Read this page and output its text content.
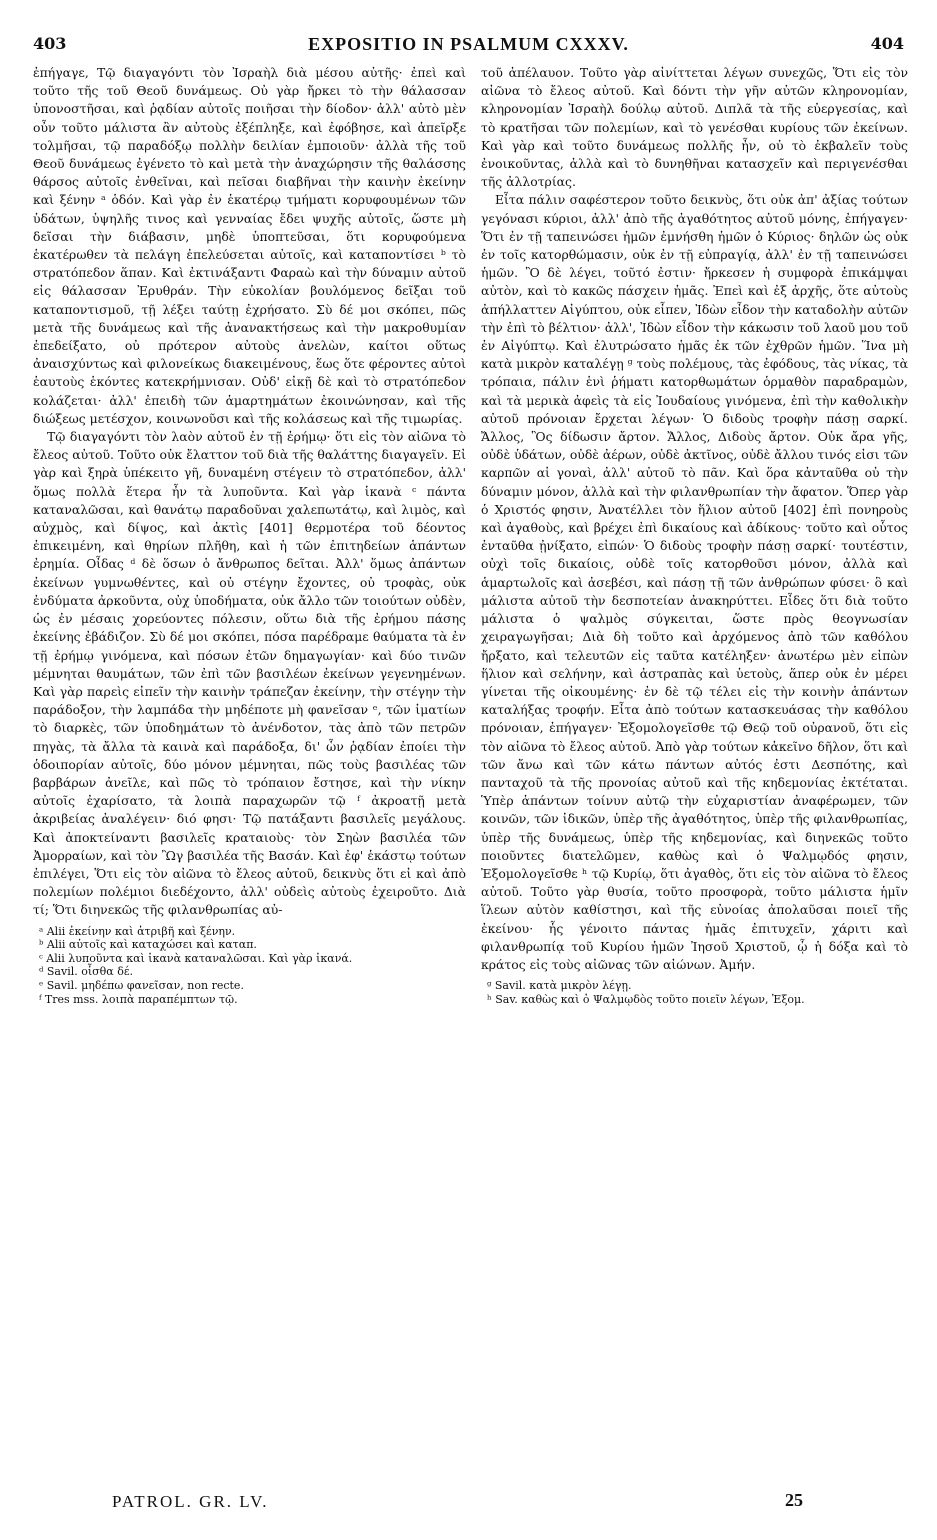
403	EXPOSITIO IN PSALMUM CXXXV.	404

ἐπήγαγε, Τῷ διαγαγόντι τὸν Ἰσραὴλ διὰ μέσου αὐτῆς· ἐπεὶ καὶ τοῦτο τῆς τοῦ Θεοῦ δυνάμεως. Οὐ γὰρ ἤρκει τὸ τὴν θάλασσαν ὑπονοστῆσαι, καὶ ῥᾳδίαν αὐτοῖς ποιῆσαι τὴν δίοδον· ἀλλ' αὐτὸ μὲν οὖν τοῦτο μάλιστα ἂν αὐτοὺς ἐξέπληξε, καὶ ἐφόβησε, καὶ ἀπεῖρξε τολμῆσαι, τῷ παραδόξῳ πολλὴν δειλίαν ἐμποιοῦν· ἀλλὰ τῆς τοῦ Θεοῦ δυνάμεως ἐγένετο τὸ καὶ μετὰ τὴν ἀναχώρησιν τῆς θαλάσσης θάρσος αὐτοῖς ἐνθεῖναι, καὶ πεῖσαι διαβῆναι τὴν καινὴν ἐκείνην καὶ ξένην ᵃ ὁδόν. Καὶ γὰρ ἐν ἑκατέρῳ τμήματι κορυφουμένων τῶν ὑδάτων, ὑψηλῆς τινος καὶ γενναίας ἔδει ψυχῆς αὐτοῖς, ὥστε μὴ δεῖσαι τὴν διάβασιν, μηδὲ ὑποπτεῦσαι, ὅτι κορυφούμενα ἑκατέρωθεν τὰ πελάγη ἐπελεύσεται αὐτοῖς, καὶ καταποντίσει ᵇ τὸ στρατόπεδον ἅπαν. Καὶ ἐκτινάξαντι Φαραὼ καὶ τὴν δύναμιν αὐτοῦ εἰς θάλασσαν Ἐρυθράν. Τὴν εὐκολίαν βουλόμενος δεῖξαι τοῦ καταποντισμοῦ, τῇ λέξει ταύτῃ ἐχρήσατο. Σὺ δέ μοι σκόπει, πῶς μετὰ τῆς δυνάμεως καὶ τῆς ἀνανακτήσεως καὶ τὴν μακροθυμίαν ἐπεδείξατο, οὐ πρότερον αὐτοὺς ἀνελὼν, καίτοι οὕτως ἀναισχύντως καὶ φιλονείκως διακειμένους, ἕως ὅτε φέροντες αὐτοὶ ἑαυτοὺς ἑκόντες κατεκρήμνισαν. Οὐδ' εἰκῇ δὲ καὶ τὸ στρατόπεδον κολάζεται· ἀλλ' ἐπειδὴ τῶν ἁμαρτημάτων ἐκοινώνησαν, καὶ τῆς διώξεως μετέσχον, κοινωνοῦσι καὶ τῆς κολάσεως καὶ τῆς τιμωρίας.

Τῷ διαγαγόντι τὸν λαὸν αὐτοῦ ἐν τῇ ἐρήμῳ· ὅτι εἰς τὸν αἰῶνα τὸ ἔλεος αὐτοῦ. Τοῦτο οὐκ ἔλαττον τοῦ διὰ τῆς θαλάττης διαγαγεῖν. Εἰ γὰρ καὶ ξηρὰ ὑπέκειτο γῆ, δυναμένη στέγειν τὸ στρατόπεδον, ἀλλ' ὅμως πολλὰ ἕτερα ἦν τὰ λυποῦντα. Καὶ γὰρ ἱκανὰ ᶜ πάντα καταναλῶσαι, καὶ θανάτῳ παραδοῦναι χαλεπωτάτῳ, καὶ λιμὸς, καὶ αὐχμὸς, καὶ δίψος, καὶ ἀκτὶς [401] θερμοτέρα τοῦ δέοντος ἐπικειμένη, καὶ θηρίων πλῆθη, καὶ ἡ τῶν ἐπιτηδείων ἁπάντων ἐρημία. Οἶδας ᵈ δὲ ὅσων ὁ ἄνθρωπος δεῖται. Ἀλλ' ὅμως ἀπάντων ἐκείνων γυμνωθέντες, καὶ οὐ στέγην ἔχοντες, οὐ τροφὰς, οὐκ ἐνδύματα ἀρκοῦντα, οὐχ ὑποδήματα, οὐκ ἄλλο τῶν τοιούτων οὐδὲν, ὡς ἐν μέσαις χορεύοντες πόλεσιν, οὕτω διὰ τῆς ἐρήμου πάσης ἐκείνης ἐβάδιζον. Σὺ δέ μοι σκόπει, πόσα παρέδραμε θαύματα τὰ ἐν τῇ ἐρήμῳ γινόμενα, καὶ πόσων ἐτῶν δημαγωγίαν· καὶ δύο τινῶν μέμνηται θαυμάτων, τῶν ἐπὶ τῶν βασιλέων ἐκείνων γεγενημένων. Καὶ γὰρ παρεὶς εἰπεῖν τὴν καινὴν τράπεζαν ἐκείνην, τὴν στέγην τὴν παράδοξον, τὴν λαμπάδα τὴν μηδέποτε μὴ φανεῖσαν ᵉ, τῶν ἱματίων τὸ διαρκὲς, τῶν ὑποδημάτων τὸ ἀνένδοτον, τὰς ἀπὸ τῶν πετρῶν πηγὰς, τὰ ἄλλα τὰ καινὰ καὶ παράδοξα, δι' ὧν ῥᾳδίαν ἐποίει τὴν ὁδοιπορίαν αὐτοῖς, δύο μόνον μέμνηται, πῶς τοὺς βασιλέας τῶν βαρβάρων ἀνεῖλε, καὶ πῶς τὸ τρόπαιον ἔστησε, καὶ τὴν νίκην αὐτοῖς ἐχαρίσατο, τὰ λοιπὰ παραχωρῶν τῷ ᶠ ἀκροατῇ μετὰ ἀκριβείας ἀναλέγειν· διό φησι· Τῷ πατάξαντι βασιλεῖς μεγάλους. Καὶ ἀποκτείναντι βασιλεῖς κραταιοὺς· τὸν Σηὼν βασιλέα τῶν Ἀμορραίων, καὶ τὸν Ὢγ βασιλέα τῆς Βασάν. Καὶ ἐφ' ἑκάστῳ τούτων ἐπιλέγει, Ὅτι εἰς τὸν αἰῶνα τὸ ἔλεος αὐτοῦ, δεικνὺς ὅτι εἰ καὶ ἀπὸ πολεμίων πολέμιοι διεδέχοντο, ἀλλ' οὐδεὶς αὐτοὺς ἐχειροῦτο. Διὰ τί; Ὅτι διηνεκῶς τῆς φιλανθρωπίας αὐ-

ᵃ Alii ἐκείνην καὶ ἀτριβῆ καὶ ξένην.
ᵇ Alii αὐτοῖς καὶ καταχώσει καὶ καταπ.
ᶜ Alii λυποῦντα καὶ ἱκανὰ καταναλῶσαι. Καὶ γὰρ ἱκανά.
ᵈ Savil. οἶσθα δέ.
ᵉ Savil. μηδέπω φανεῖσαν, non recte.
ᶠ Tres mss. λοιπὰ παραπέμπτων τῷ.

τοῦ ἀπέλαυον. Τοῦτο γὰρ αἰνίττεται λέγων συνεχῶς, Ὅτι εἰς τὸν αἰῶνα τὸ ἔλεος αὐτοῦ. Καὶ δόντι τὴν γῆν αὐτῶν κληρονομίαν, κληρονομίαν Ἰσραὴλ δούλῳ αὐτοῦ. Διπλᾶ τὰ τῆς εὐεργεσίας, καὶ τὸ κρατῆσαι τῶν πολεμίων, καὶ τὸ γενέσθαι κυρίους τῶν ἐκείνων. Καὶ γὰρ καὶ τοῦτο δυνάμεως πολλῆς ἦν, οὐ τὸ ἐκβαλεῖν τοὺς ἐνοικοῦντας, ἀλλὰ καὶ τὸ δυνηθῆναι κατασχεῖν καὶ περιγενέσθαι τῆς ἀλλοτρίας.

Εἶτα πάλιν σαφέστερον τοῦτο δεικνὺς, ὅτι οὐκ ἀπ' ἀξίας τούτων γεγόνασι κύριοι, ἀλλ' ἀπὸ τῆς ἀγαθότητος αὐτοῦ μόνης, ἐπήγαγεν· Ὅτι ἐν τῇ ταπεινώσει ἡμῶν ἐμνήσθη ἡμῶν ὁ Κύριος· δηλῶν ὡς οὐκ ἐν τοῖς κατορθώμασιν, οὐκ ἐν τῇ εὐπραγίᾳ, ἀλλ' ἐν τῇ ταπεινώσει ἡμῶν. Ὃ δὲ λέγει, τοῦτό ἐστιν· ἤρκεσεν ἡ συμφορὰ ἐπικάμψαι αὐτὸν, καὶ τὸ κακῶς πάσχειν ἡμᾶς. Ἐπεὶ καὶ ἐξ ἀρχῆς, ὅτε αὐτοὺς ἀπήλλαττεν Αἰγύπτου, οὐκ εἶπεν, Ἰδὼν εἶδον τὴν καταδολὴν αὐτῶν τὴν ἐπὶ τὸ βέλτιον· ἀλλ', Ἰδὼν εἶδον τὴν κάκωσιν τοῦ λαοῦ μου τοῦ ἐν Αἰγύπτῳ. Καὶ ἐλυτρώσατο ἡμᾶς ἐκ τῶν ἐχθρῶν ἡμῶν. Ἵνα μὴ κατὰ μικρὸν καταλέγῃ ᵍ τοὺς πολέμους, τὰς ἐφόδους, τὰς νίκας, τὰ τρόπαια, πάλιν ἑνὶ ῥήματι κατορθωμάτων ὁρμαθὸν παραδραμὼν, καὶ τὰ μερικὰ ἀφεὶς τὰ εἰς Ἰουδαίους γινόμενα, ἐπὶ τὴν καθολικὴν αὐτοῦ πρόνοιαν ἔρχεται λέγων· Ὁ διδοὺς τροφὴν πάσῃ σαρκί. Ἄλλος, Ὃς δίδωσιν ἄρτον. Ἄλλος, Διδοὺς ἄρτον. Οὐκ ἄρα γῆς, οὐδὲ ὑδάτων, οὐδὲ ἀέρων, οὐδὲ ἀκτῖνος, οὐδὲ ἄλλου τινός εἰσι τῶν καρπῶν αἱ γοναὶ, ἀλλ' αὐτοῦ τὸ πᾶν. Καὶ ὅρα κἀνταῦθα οὐ τὴν δύναμιν μόνον, ἀλλὰ καὶ τὴν φιλανθρωπίαν τὴν ἄφατον. Ὅπερ γὰρ ὁ Χριστός φησιν, Ἀνατέλλει τὸν ἥλιον αὐτοῦ [402] ἐπὶ πονηροὺς καὶ ἀγαθοὺς, καὶ βρέχει ἐπὶ δικαίους καὶ ἀδίκους· τοῦτο καὶ οὗτος ἐνταῦθα ᾐνίξατο, εἰπών· Ὁ διδοὺς τροφὴν πάσῃ σαρκί· τουτέστιν, οὐχὶ τοῖς δικαίοις, οὐδὲ τοῖς κατορθοῦσι μόνον, ἀλλὰ καὶ ἁμαρτωλοῖς καὶ ἀσεβέσι, καὶ πάσῃ τῇ τῶν ἀνθρώπων φύσει· ὃ καὶ μάλιστα αὐτοῦ τὴν δεσποτείαν ἀνακηρύττει. Εἶδες ὅτι διὰ τοῦτο μάλιστα ὁ ψαλμὸς σύγκειται, ὥστε πρὸς θεογνωσίαν χειραγωγῆσαι; Διὰ δὴ τοῦτο καὶ ἀρχόμενος ἀπὸ τῶν καθόλου ἤρξατο, καὶ τελευτῶν εἰς ταῦτα κατέληξεν· ἀνωτέρω μὲν εἰπὼν ἥλιον καὶ σελήνην, καὶ ἀστραπὰς καὶ ὑετοὺς, ἅπερ οὐκ ἐν μέρει γίνεται τῆς οἰκουμένης· ἐν δὲ τῷ τέλει εἰς τὴν κοινὴν ἁπάντων καταλήξας τροφήν. Εἶτα ἀπὸ τούτων κατασκευάσας τὴν καθόλου πρόνοιαν, ἐπήγαγεν· Ἐξομολογεῖσθε τῷ Θεῷ τοῦ οὐρανοῦ, ὅτι εἰς τὸν αἰῶνα τὸ ἔλεος αὐτοῦ. Ἀπὸ γὰρ τούτων κἀκεῖνο δῆλον, ὅτι καὶ τῶν ἄνω καὶ τῶν κάτω πάντων αὐτός ἐστι Δεσπότης, καὶ πανταχοῦ τὰ τῆς προνοίας αὐτοῦ καὶ τῆς κηδεμονίας ἐκτέταται. Ὑπὲρ ἁπάντων τοίνυν αὐτῷ τὴν εὐχαριστίαν ἀναφέρωμεν, τῶν κοινῶν, τῶν ἰδικῶν, ὑπὲρ τῆς ἀγαθότητος, ὑπὲρ τῆς φιλανθρωπίας, ὑπὲρ τῆς δυνάμεως, ὑπὲρ τῆς κηδεμονίας, καὶ διηνεκῶς τοῦτο ποιοῦντες διατελῶμεν, καθὼς καὶ ὁ Ψαλμῳδός φησιν, Ἐξομολογεῖσθε ʰ τῷ Κυρίῳ, ὅτι ἀγαθὸς, ὅτι εἰς τὸν αἰῶνα τὸ ἔλεος αὐτοῦ. Τοῦτο γὰρ θυσία, τοῦτο προσφορὰ, τοῦτο μάλιστα ἡμῖν ἵλεων αὐτὸν καθίστησι, καὶ τῆς εὐνοίας ἀπολαῦσαι ποιεῖ τῆς ἐκείνου· ἧς γένοιτο πάντας ἡμᾶς ἐπιτυχεῖν, χάριτι καὶ φιλανθρωπίᾳ τοῦ Κυρίου ἡμῶν Ἰησοῦ Χριστοῦ, ᾧ ἡ δόξα καὶ τὸ κράτος εἰς τοὺς αἰῶνας τῶν αἰώνων. Ἀμήν.

ᵍ Savil. κατὰ μικρὸν λέγῃ.
ʰ Sav. καθὼς καὶ ὁ Ψαλμῳδὸς τοῦτο ποιεῖν λέγων, Ἐξομ.
PATROL. GR. LV.	25
